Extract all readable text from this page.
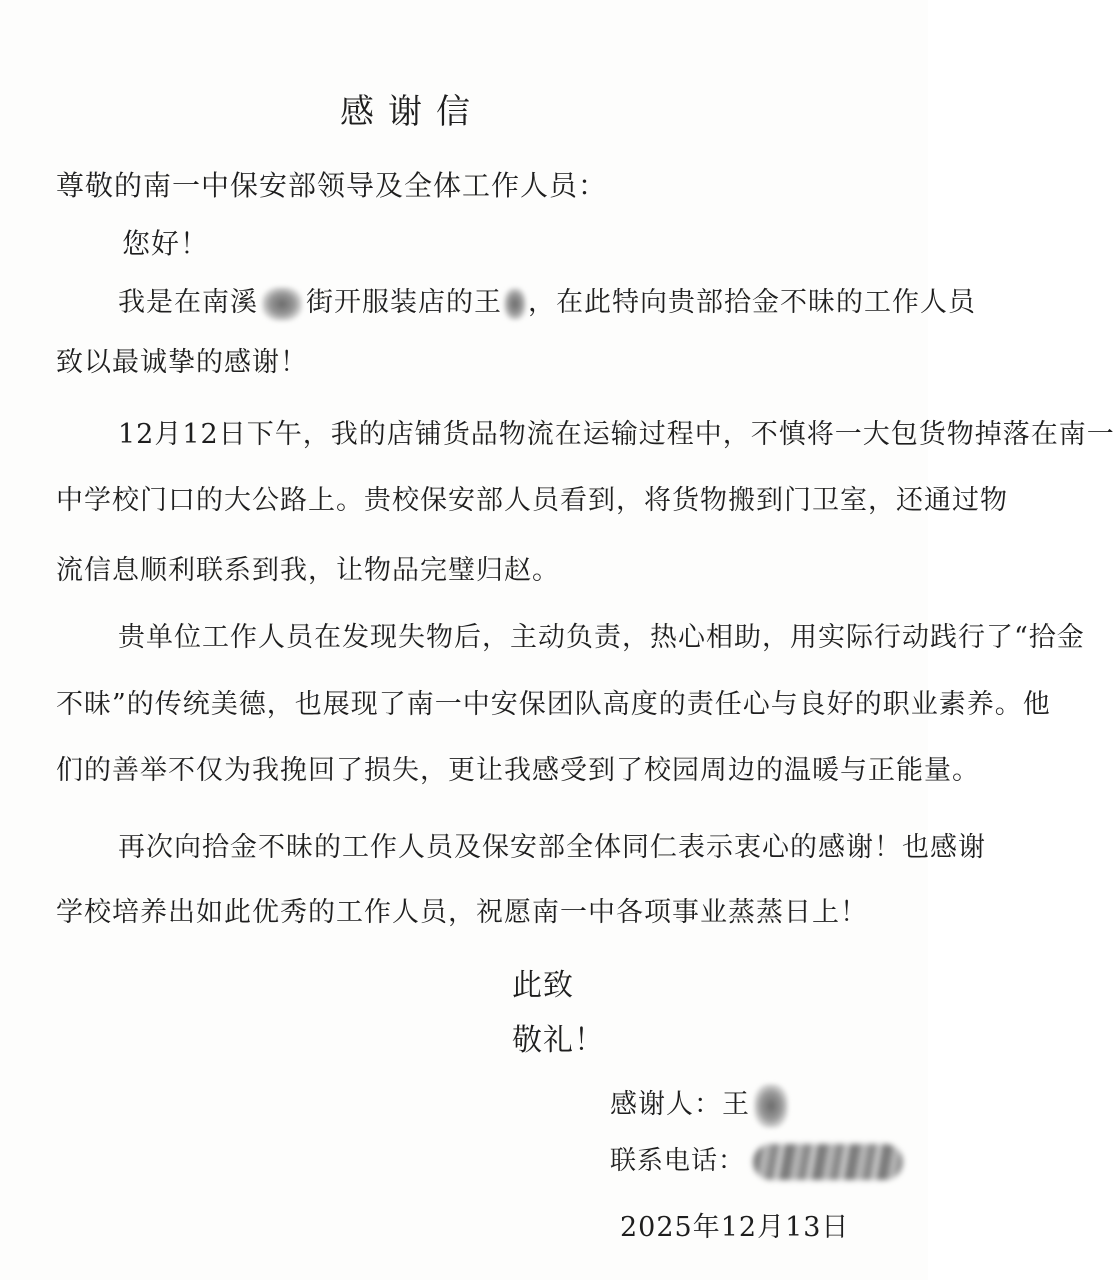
感谢信
尊敬的南一中保安部领导及全体工作人员：
您好！
我是在南溪 街开服装店的王 ，在此特向贵部拾金不昧的工作人员
致以最诚挚的感谢！
12月12日下午，我的店铺货品物流在运输过程中，不慎将一大包货物掉落在南一
中学校门口的大公路上。贵校保安部人员看到，将货物搬到门卫室，还通过物
流信息顺利联系到我，让物品完璧归赵。
贵单位工作人员在发现失物后，主动负责，热心相助，用实际行动践行了“拾金
不昧”的传统美德，也展现了南一中安保团队高度的责任心与良好的职业素养。他
们的善举不仅为我挽回了损失，更让我感受到了校园周边的温暖与正能量。
再次向拾金不昧的工作人员及保安部全体同仁表示衷心的感谢！也感谢
学校培养出如此优秀的工作人员，祝愿南一中各项事业蒸蒸日上！
此致
敬礼！
感谢人：王
联系电话：
2025年12月13日
